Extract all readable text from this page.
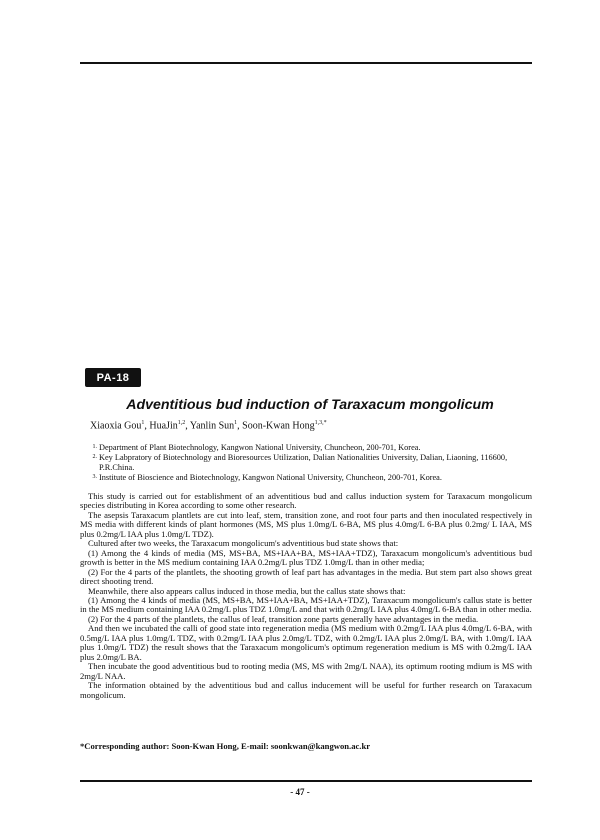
PA-18
Adventitious bud induction of Taraxacum mongolicum
Xiaoxia Gou$^1$, HuaJin$^{1,2}$, Yanlin Sun$^1$, Soon-Kwan Hong$^{1,3,*}$
1. Department of Plant Biotechnology, Kangwon National University, Chuncheon, 200-701, Korea.
2. Key Labpratory of Biotechnology and Bioresources Utilization, Dalian Nationalities University, Dalian, Liaoning, 116600, P.R.China.
3. Institute of Bioscience and Biotechnology, Kangwon National University, Chuncheon, 200-701, Korea.

This study is carried out for establishment of an adventitious bud and callus induction system for Taraxacum mongolicum species distributing in Korea according to some other research.

The asepsis Taraxacum plantlets are cut into leaf, stem, transition zone, and root four parts and then inoculated respectively in MS media with different kinds of plant hormones (MS, MS plus 1.0mg/L 6-BA, MS plus 4.0mg/L 6-BA plus 0.2mg/ L IAA, MS plus 0.2mg/L IAA plus 1.0mg/L TDZ).

Cultured after two weeks, the Taraxacum mongolicum's adventitious bud state shows that:

(1) Among the 4 kinds of media (MS, MS+BA, MS+IAA+BA, MS+IAA+TDZ), Taraxacum mongolicum's adventitious bud growth is better in the MS medium containing IAA 0.2mg/L plus TDZ 1.0mg/L than in other media;

(2) For the 4 parts of the plantlets, the shooting growth of leaf part has advantages in the media. But stem part also shows great direct shooting trend.

Meanwhile, there also appears callus induced in those media, but the callus state shows that:

(1) Among the 4 kinds of media (MS, MS+BA, MS+IAA+BA, MS+IAA+TDZ), Taraxacum mongolicum's callus state is better in the MS medium containing IAA 0.2mg/L plus TDZ 1.0mg/L and that with 0.2mg/L IAA plus 4.0mg/L 6-BA than in other media.

(2) For the 4 parts of the plantlets, the callus of leaf, transition zone parts generally have advantages in the media.

And then we incubated the calli of good state into regeneration media (MS medium with 0.2mg/L IAA plus 4.0mg/L 6-BA, with 0.5mg/L IAA plus 1.0mg/L TDZ, with 0.2mg/L IAA plus 2.0mg/L TDZ, with 0.2mg/L IAA plus 2.0mg/L BA, with 1.0mg/L IAA plus 1.0mg/L TDZ) the result shows that the Taraxacum mongolicum's optimum regeneration medium is MS with 0.2mg/L IAA plus 2.0mg/L BA.

Then incubate the good adventitious bud to rooting media (MS, MS with 2mg/L NAA), its optimum rooting mdium is MS with 2mg/L NAA.

The information obtained by the adventitious bud and callus inducement will be useful for further research on Taraxacum mongolicum.

*Corresponding author: Soon-Kwan Hong, E-mail: soonkwan@kangwon.ac.kr
- 47 -
